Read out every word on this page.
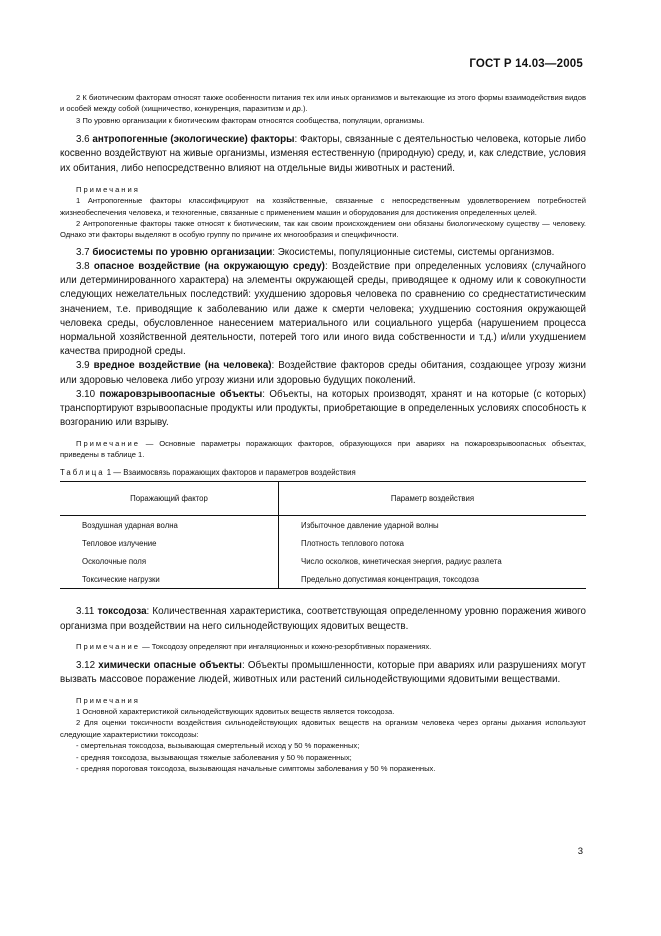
ГОСТ Р 14.03—2005

2 К биотическим факторам относят также особенности питания тех или иных организмов и вытекающие из этого формы взаимодействия видов и особей между собой (хищничество, конкуренция, паразитизм и др.).

3 По уровню организации к биотическим факторам относятся сообщества, популяции, организмы.

3.6 антропогенные (экологические) факторы: Факторы, связанные с деятельностью человека, которые либо косвенно воздействуют на живые организмы, изменяя естественную (природную) среду, и, как следствие, условия их обитания, либо непосредственно влияют на отдельные виды животных и растений.

Примечания

1 Антропогенные факторы классифицируют на хозяйственные, связанные с непосредственным удовлетворением потребностей жизнеобеспечения человека, и техногенные, связанные с применением машин и оборудования для достижения определенных целей.

2 Антропогенные факторы также относят к биотическим, так как своим происхождением они обязаны биологическому существу — человеку. Однако эти факторы выделяют в особую группу по причине их многообразия и специфичности.

3.7 биосистемы по уровню организации: Экосистемы, популяционные системы, системы организмов.

3.8 опасное воздействие (на окружающую среду): Воздействие при определенных условиях (случайного или детерминированного характера) на элементы окружающей среды, приводящее к одному или к совокупности следующих нежелательных последствий: ухудшению здоровья человека по сравнению со среднестатистическим значением, т.е. приводящие к заболеванию или даже к смерти человека; ухудшению состояния окружающей человека среды, обусловленное нанесением материального или социального ущерба (нарушением процесса нормальной хозяйственной деятельности, потерей того или иного вида собственности и т.д.) и/или ухудшением качества природной среды.

3.9 вредное воздействие (на человека): Воздействие факторов среды обитания, создающее угрозу жизни или здоровью человека либо угрозу жизни или здоровью будущих поколений.

3.10 пожаровзрывоопасные объекты: Объекты, на которых производят, хранят и на которые (с которых) транспортируют взрывоопасные продукты или продукты, приобретающие в определенных условиях способность к возгоранию или взрыву.

Примечание — Основные параметры поражающих факторов, образующихся при авариях на пожаровзрывоопасных объектах, приведены в таблице 1.

Таблица 1 — Взаимосвязь поражающих факторов и параметров воздействия

Поражающий фактор	Параметр воздействия
Воздушная ударная волна	Избыточное давление ударной волны
Тепловое излучение	Плотность теплового потока
Осколочные поля	Число осколков, кинетическая энергия, радиус разлета
Токсические нагрузки	Предельно допустимая концентрация, токсодоза

3.11 токсодоза: Количественная характеристика, соответствующая определенному уровню поражения живого организма при воздействии на него сильнодействующих ядовитых веществ.

Примечание — Токсодозу определяют при ингаляционных и кожно-резорбтивных поражениях.

3.12 химически опасные объекты: Объекты промышленности, которые при авариях или разрушениях могут вызвать массовое поражение людей, животных или растений сильнодействующими ядовитыми веществами.

Примечания

1 Основной характеристикой сильнодействующих ядовитых веществ является токсодоза.

2 Для оценки токсичности воздействия сильнодействующих ядовитых веществ на организм человека через органы дыхания используют следующие характеристики токсодозы:

- смертельная токсодоза, вызывающая смертельный исход у 50 % пораженных;

- средняя токсодоза, вызывающая тяжелые заболевания у 50 % пораженных;

- средняя пороговая токсодоза, вызывающая начальные симптомы заболевания у 50 % пораженных.

3
